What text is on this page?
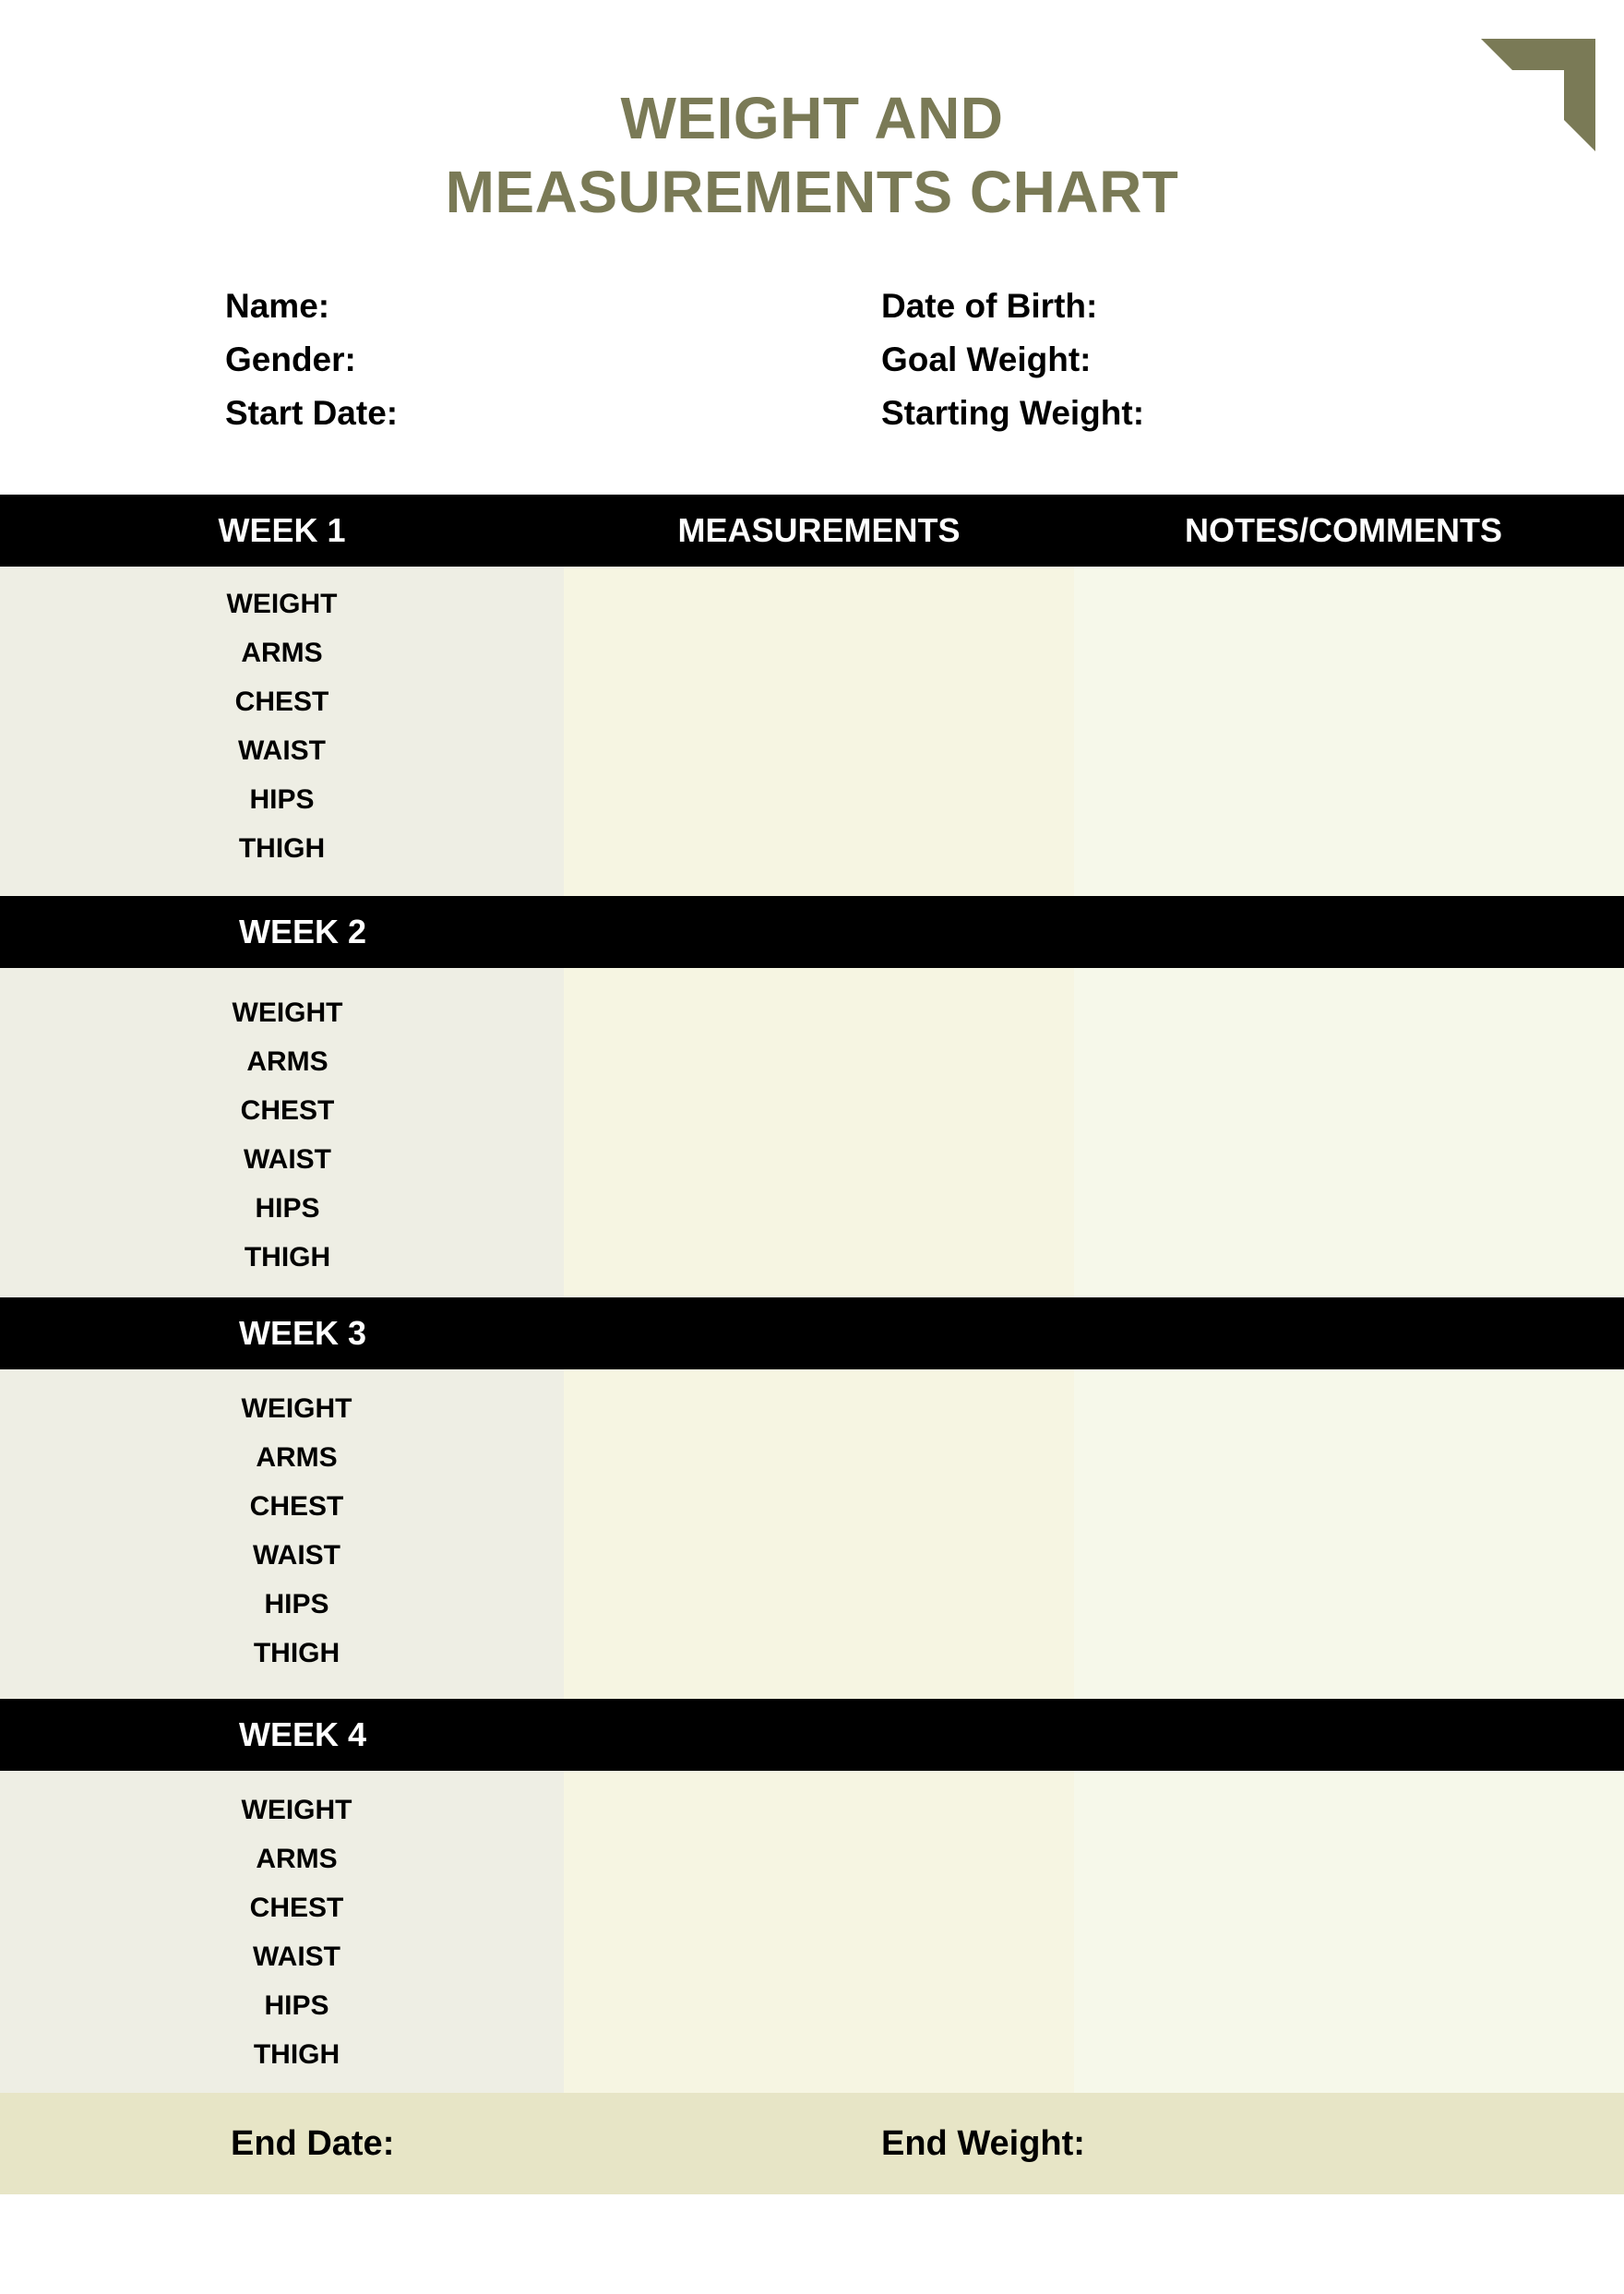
WEIGHT AND
MEASUREMENTS CHART
Name:
Gender:
Start Date:
Date of Birth:
Goal Weight:
Starting Weight:
WEEK 1	MEASUREMENTS	NOTES/COMMENTS
WEIGHT
ARMS
CHEST
WAIST
HIPS
THIGH
WEEK 2
WEIGHT
ARMS
CHEST
WAIST
HIPS
THIGH
WEEK 3
WEIGHT
ARMS
CHEST
WAIST
HIPS
THIGH
WEEK 4
WEIGHT
ARMS
CHEST
WAIST
HIPS
THIGH
End Date:	End Weight:
